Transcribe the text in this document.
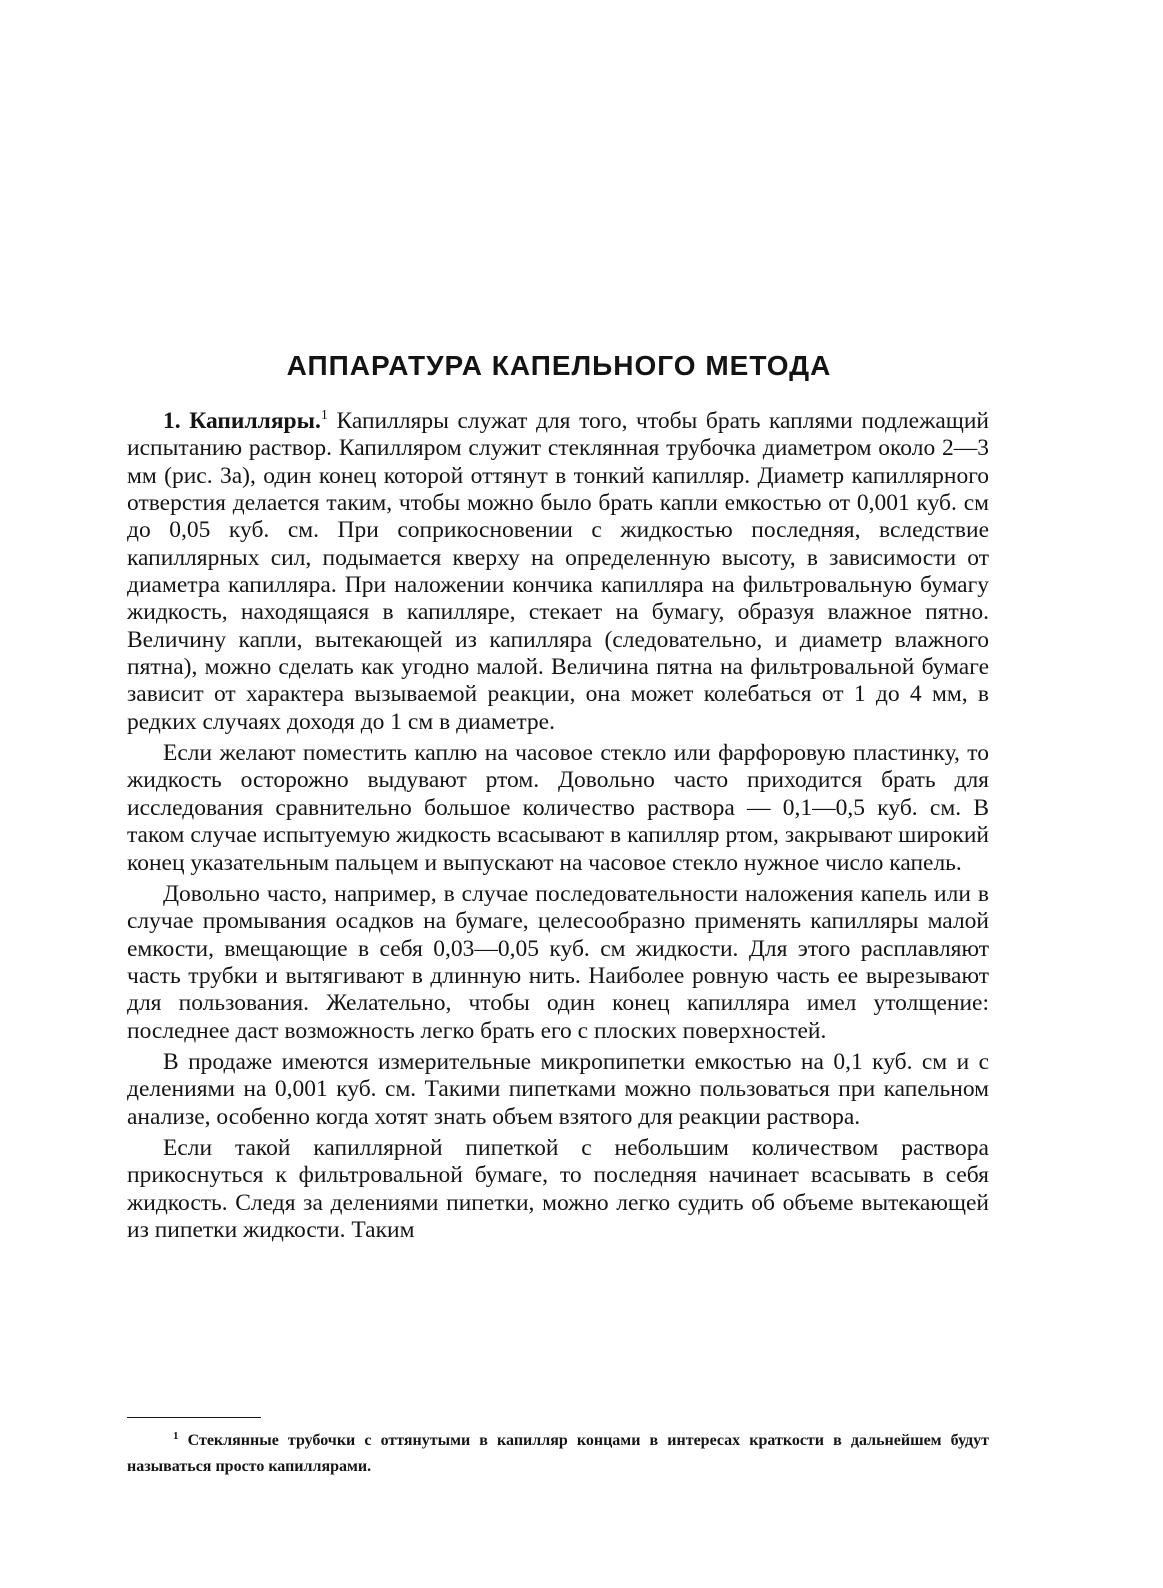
АППАРАТУРА КАПЕЛЬНОГО МЕТОДА

1. Капилляры.$^1$ Капилляры служат для того, чтобы брать каплями подлежащий испытанию раствор. Капилляром служит стеклянная трубочка диаметром около 2—3 мм (рис. 3a), один конец которой оттянут в тонкий капилляр. Диаметр капиллярного отверстия делается таким, чтобы можно было брать капли емкостью от 0,001 куб. см до 0,05 куб. см. При соприкосновении с жидкостью последняя, вследствие капиллярных сил, подымается кверху на определенную высоту, в зависимости от диаметра капилляра. При наложении кончика капилляра на фильтровальную бумагу жидкость, находящаяся в капилляре, стекает на бумагу, образуя влажное пятно. Величину капли, вытекающей из капилляра (следовательно, и диаметр влажного пятна), можно сделать как угодно малой. Величина пятна на фильтровальной бумаге зависит от характера вызываемой реакции, она может колебаться от 1 до 4 мм, в редких случаях доходя до 1 см в диаметре.

Если желают поместить каплю на часовое стекло или фарфоровую пластинку, то жидкость осторожно выдувают ртом. Довольно часто приходится брать для исследования сравнительно большое количество раствора — 0,1—0,5 куб. см. В таком случае испытуемую жидкость всасывают в капилляр ртом, закрывают широкий конец указательным пальцем и выпускают на часовое стекло нужное число капель.

Довольно часто, например, в случае последовательности наложения капель или в случае промывания осадков на бумаге, целесообразно применять капилляры малой емкости, вмещающие в себя 0,03—0,05 куб. см жидкости. Для этого расплавляют часть трубки и вытягивают в длинную нить. Наиболее ровную часть ее вырезывают для пользования. Желательно, чтобы один конец капилляра имел утолщение: последнее даст возможность легко брать его с плоских поверхностей.

В продаже имеются измерительные микропипетки емкостью на 0,1 куб. см и с делениями на 0,001 куб. см. Такими пипетками можно пользоваться при капельном анализе, особенно когда хотят знать объем взятого для реакции раствора.

Если такой капиллярной пипеткой с небольшим количеством раствора прикоснуться к фильтровальной бумаге, то последняя начинает всасывать в себя жидкость. Следя за делениями пипетки, можно легко судить об объеме вытекающей из пипетки жидкости. Таким

$^1$ Стеклянные трубочки с оттянутыми в капилляр концами в интересах краткости в дальнейшем будут называться просто капиллярами.
